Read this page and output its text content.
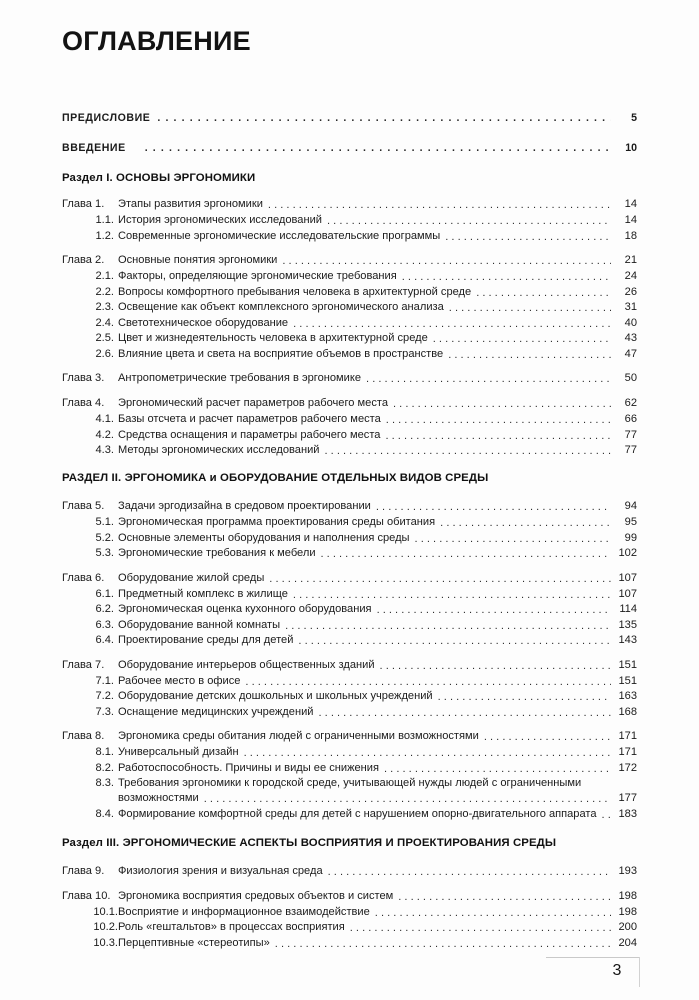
ОГЛАВЛЕНИЕ
ПРЕДИСЛОВИЕ . . .	5
ВВЕДЕНИЕ . . .	10
Раздел I. ОСНОВЫ ЭРГОНОМИКИ
Глава 1.	Этапы развития эргономики . . .	14
1.1. История эргономических исследований . . .	14
1.2. Современные эргономические исследовательские программы . . .	18
Глава 2.	Основные понятия эргономики . . .	21
2.1. Факторы, определяющие эргономические требования . . .	24
2.2. Вопросы комфортного пребывания человека в архитектурной среде . . .	26
2.3. Освещение как объект комплексного эргономического анализа . . .	31
2.4. Светотехническое оборудование . . .	40
2.5. Цвет и жизнедеятельность человека в архитектурной среде . . .	43
2.6. Влияние цвета и света на восприятие объемов в пространстве . . .	47
Глава 3.	Антропометрические требования в эргономике . . .	50
Глава 4.	Эргономический расчет параметров рабочего места . . .	62
4.1. Базы отсчета и расчет параметров рабочего места . . .	66
4.2. Средства оснащения и параметры рабочего места . . .	77
4.3. Методы эргономических исследований . . .	77
РАЗДЕЛ II. ЭРГОНОМИКА и ОБОРУДОВАНИЕ ОТДЕЛЬНЫХ ВИДОВ СРЕДЫ
Глава 5.	Задачи эргодизайна в средовом проектировании . . .	94
5.1. Эргономическая программа проектирования среды обитания . . .	95
5.2. Основные элементы оборудования и наполнения среды . . .	99
5.3. Эргономические требования к мебели . . .	102
Глава 6.	Оборудование жилой среды . . .	107
6.1. Предметный комплекс в жилище . . .	107
6.2. Эргономическая оценка кухонного оборудования . . .	114
6.3. Оборудование ванной комнаты . . .	135
6.4. Проектирование среды для детей . . .	143
Глава 7.	Оборудование интерьеров общественных зданий . . .	151
7.1. Рабочее место в офисе . . .	151
7.2. Оборудование детских дошкольных и школьных учреждений . . .	163
7.3. Оснащение медицинских учреждений . . .	168
Глава 8.	Эргономика среды обитания людей с ограниченными возможностями . . .	171
8.1. Универсальный дизайн . . .	171
8.2. Работоспособность. Причины и виды ее снижения . . .	172
8.3. Требования эргономики к городской среде, учитывающей нужды людей с ограниченными
возможностями . . .	177
8.4. Формирование комфортной среды для детей с нарушением опорно-двигательного аппарата . . .	183
Раздел III. ЭРГОНОМИЧЕСКИЕ АСПЕКТЫ ВОСПРИЯТИЯ И ПРОЕКТИРОВАНИЯ СРЕДЫ
Глава 9.	Физиология зрения и визуальная среда . . .	193
Глава 10. Эргономика восприятия средовых объектов и систем . . .	198
10.1. Восприятие и информационное взаимодействие . . .	198
10.2. Роль «гештальтов» в процессах восприятия . . .	200
10.3. Перцептивные «стереотипы» . . .	204
3
